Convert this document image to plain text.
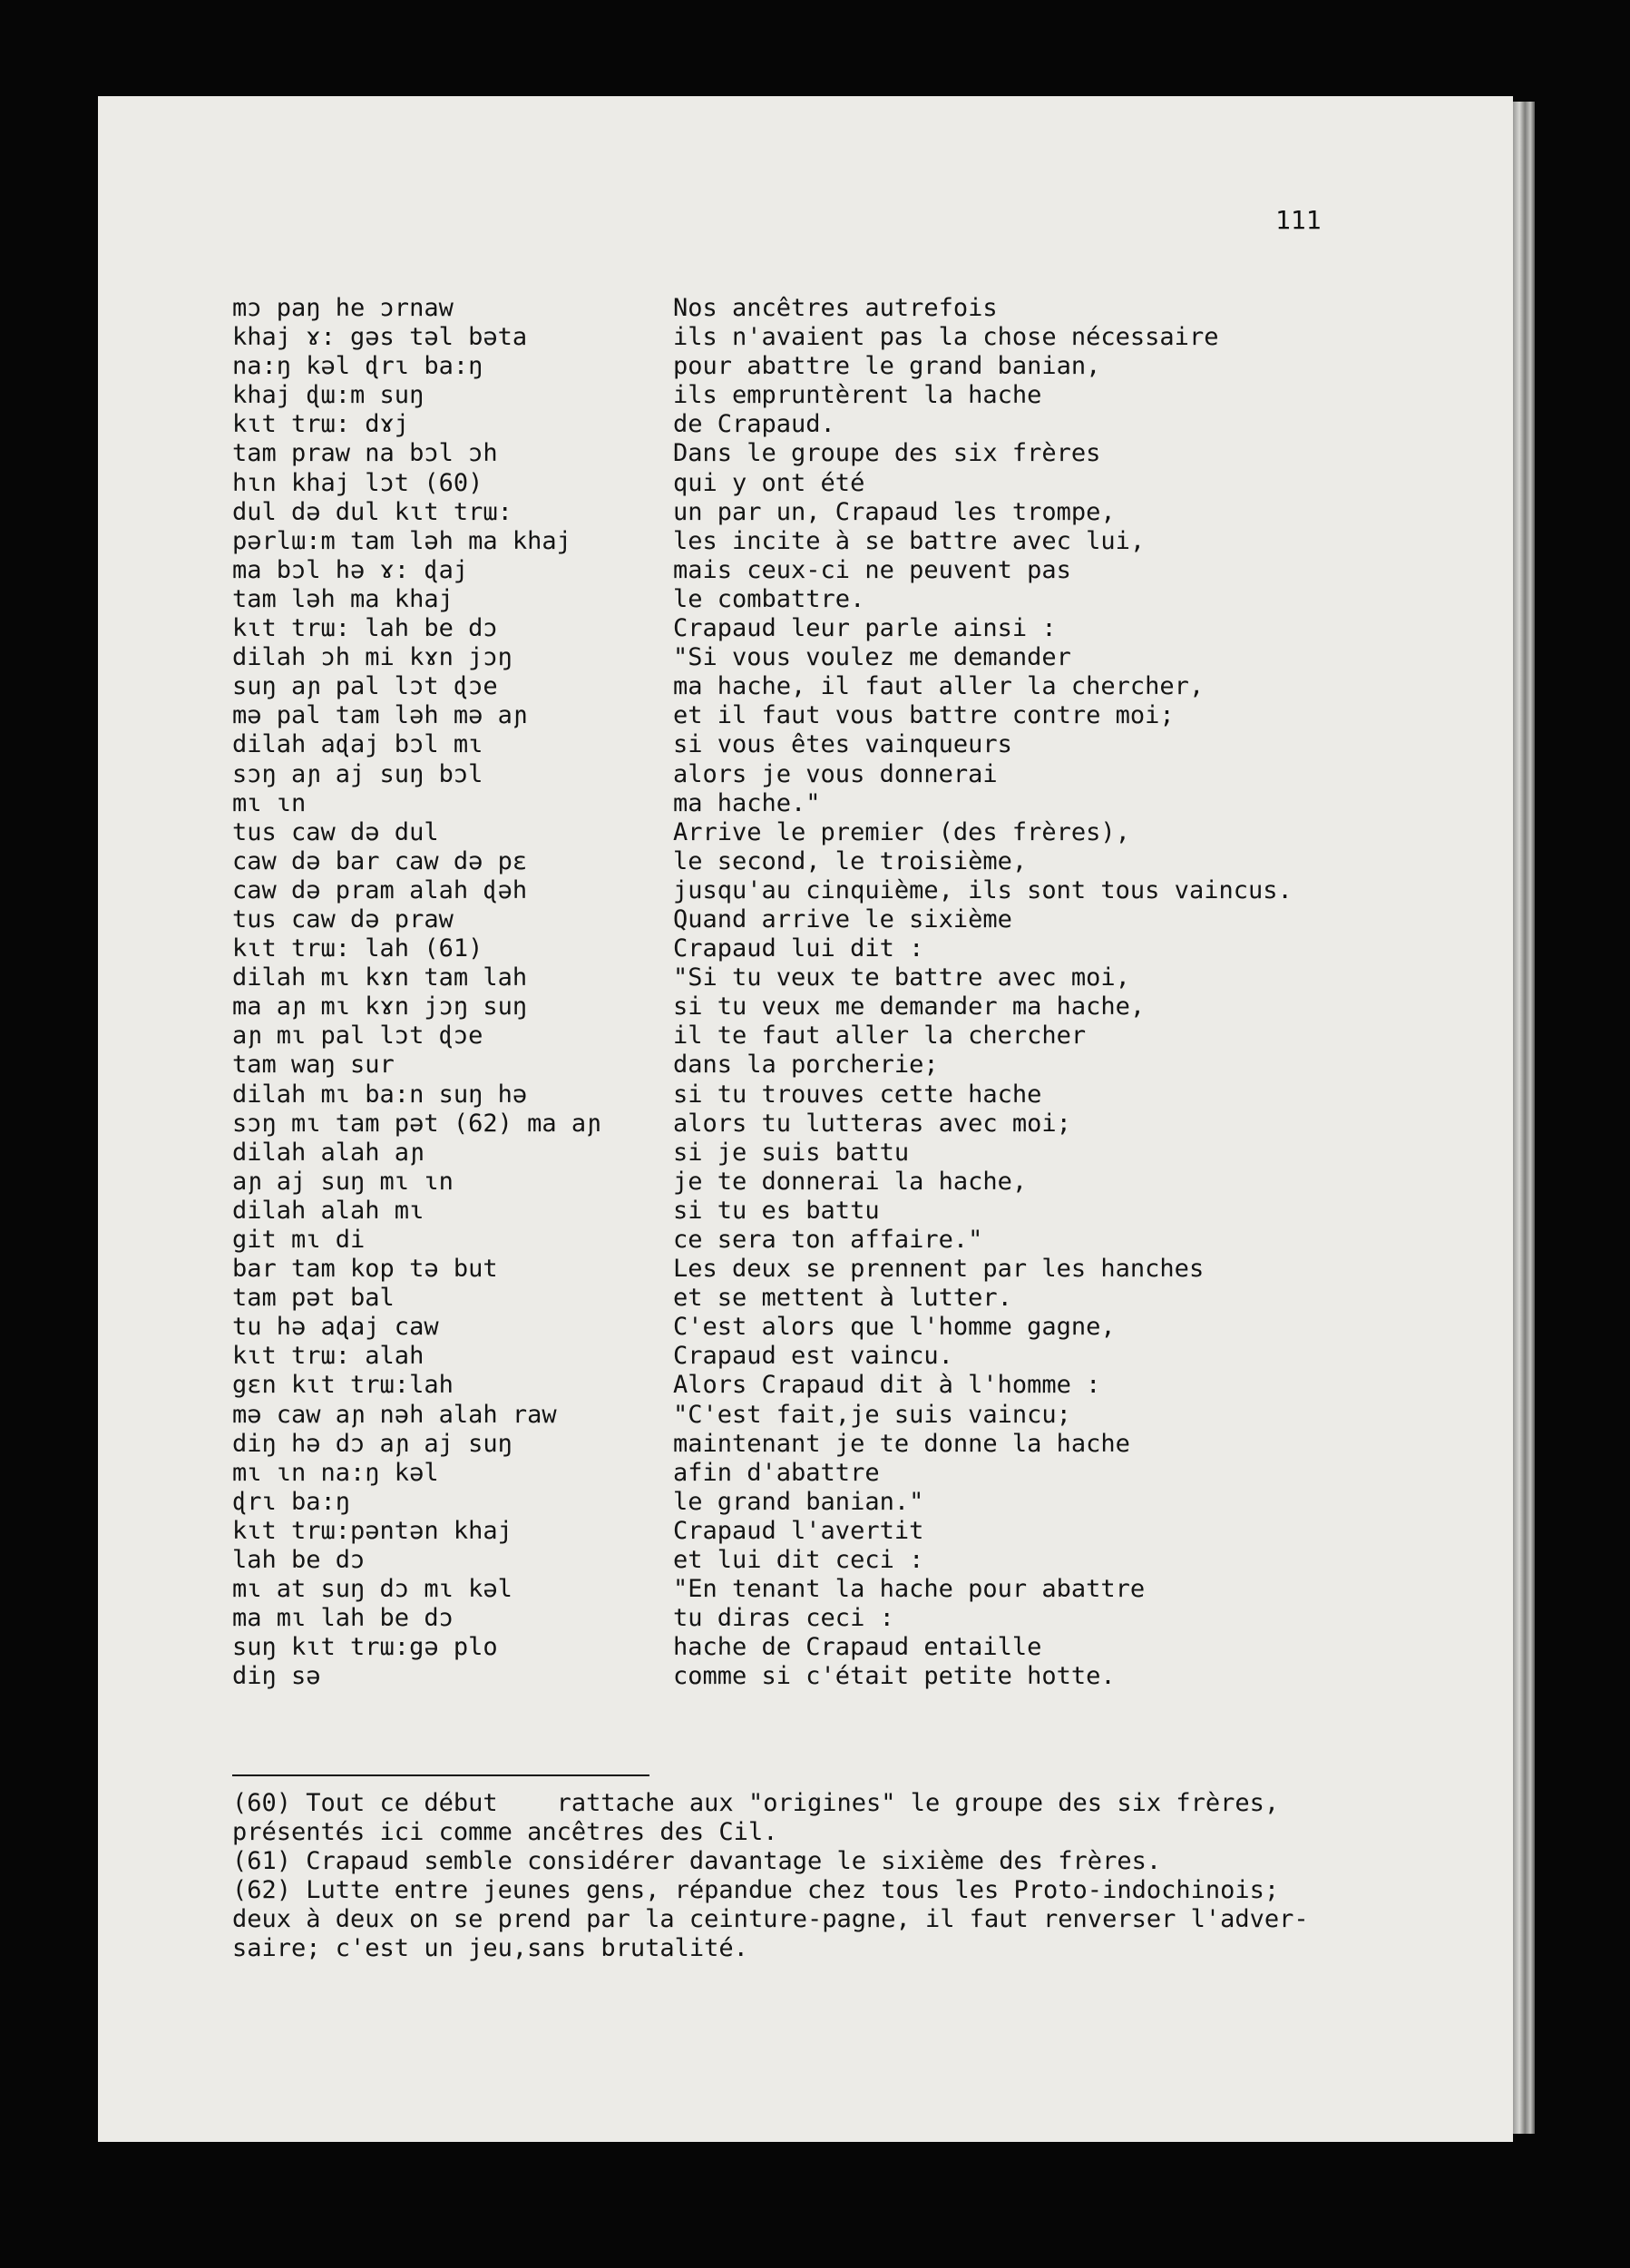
111
mɔ paŋ he ɔrnaw
khaj ɤ: gəs təl bəta
na:ŋ kəl ɖrɩ ba:ŋ
khaj ɖɯ:m suŋ
kɩt trɯ: dɤj
tam praw na bɔl ɔh
hɩn khaj lɔt (60)
dul də dul kɩt trɯ:
pərlɯ:m tam ləh ma khaj
ma bɔl hə ɤ: ɖaj
tam ləh ma khaj
kɩt trɯ: lah be dɔ
dilah ɔh mi kɤn jɔŋ
suŋ aɲ pal lɔt ɖɔe
mə pal tam ləh mə aɲ
dilah aɖaj bɔl mɩ
sɔŋ aɲ aj suŋ bɔl
mɩ ɩn
tus caw də dul
caw də bar caw də pɛ
caw də pram alah ɖəh
tus caw də praw
kɩt trɯ: lah (61)
dilah mɩ kɤn tam lah
ma aɲ mɩ kɤn jɔŋ suŋ
aɲ mɩ pal lɔt ɖɔe
tam waŋ sur
dilah mɩ ba:n suŋ hə
sɔŋ mɩ tam pət (62) ma aɲ
dilah alah aɲ
aɲ aj suŋ mɩ ɩn
dilah alah mɩ
git mɩ di
bar tam kop tə but
tam pət bal
tu hə aɖaj caw
kɩt trɯ: alah
gɛn kɩt trɯ:lah
mə caw aɲ nəh alah raw
diŋ hə dɔ aɲ aj suŋ
mɩ ɩn na:ŋ kəl
ɖrɩ ba:ŋ
kɩt trɯ:pəntən khaj
lah be dɔ
mɩ at suŋ dɔ mɩ kəl
ma mɩ lah be dɔ
suŋ kɩt trɯ:gə plo
diŋ sə
Nos ancêtres autrefois
ils n'avaient pas la chose nécessaire
pour abattre le grand banian,
ils empruntèrent la hache
de Crapaud.
Dans le groupe des six frères
qui y ont été
un par un, Crapaud les trompe,
les incite à se battre avec lui,
mais ceux-ci ne peuvent pas
le combattre.
Crapaud leur parle ainsi :
"Si vous voulez me demander
ma hache, il faut aller la chercher,
et il faut vous battre contre moi;
si vous êtes vainqueurs
alors je vous donnerai
ma hache."
Arrive le premier (des frères),
le second, le troisième,
jusqu'au cinquième, ils sont tous vaincus.
Quand arrive le sixième
Crapaud lui dit :
"Si tu veux te battre avec moi,
si tu veux me demander ma hache,
il te faut aller la chercher
dans la porcherie;
si tu trouves cette hache
alors tu lutteras avec moi;
si je suis battu
je te donnerai la hache,
si tu es battu
ce sera ton affaire."
Les deux se prennent par les hanches
et se mettent à lutter.
C'est alors que l'homme gagne,
Crapaud est vaincu.
Alors Crapaud dit à l'homme :
"C'est fait,je suis vaincu;
maintenant je te donne la hache
afin d'abattre
le grand banian."
Crapaud l'avertit
et lui dit ceci :
"En tenant la hache pour abattre
tu diras ceci :
hache de Crapaud entaille
comme si c'était petite hotte.
(60) Tout ce début    rattache aux "origines" le groupe des six frères,
présentés ici comme ancêtres des Cil.
(61) Crapaud semble considérer davantage le sixième des frères.
(62) Lutte entre jeunes gens, répandue chez tous les Proto-indochinois;
deux à deux on se prend par la ceinture-pagne, il faut renverser l'adver-
saire; c'est un jeu,sans brutalité.
